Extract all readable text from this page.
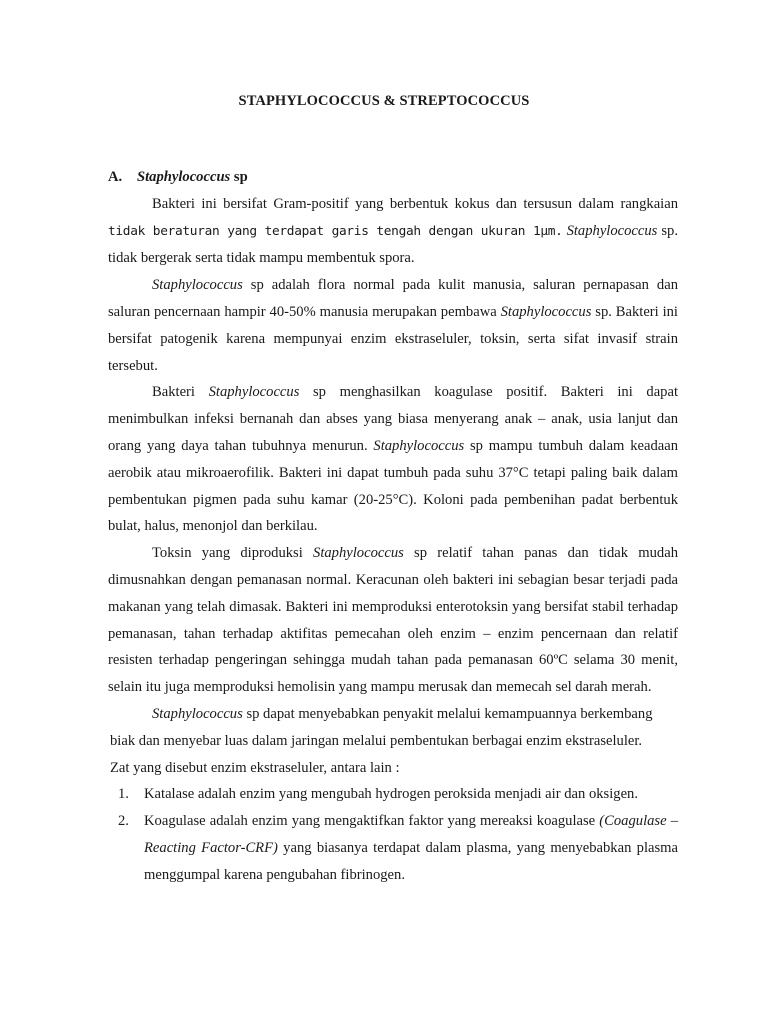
STAPHYLOCOCCUS & STREPTOCOCCUS
A. Staphylococcus sp

Bakteri ini bersifat Gram-positif yang berbentuk kokus dan tersusun dalam rangkaian tidak beraturan yang terdapat garis tengah dengan ukuran 1µm. Staphylococcus sp. tidak bergerak serta tidak mampu membentuk spora.

Staphylococcus sp adalah flora normal pada kulit manusia, saluran pernapasan dan saluran pencernaan hampir 40-50% manusia merupakan pembawa Staphylococcus sp. Bakteri ini bersifat patogenik karena mempunyai enzim ekstraseluler, toksin, serta sifat invasif strain tersebut.

Bakteri Staphylococcus sp menghasilkan koagulase positif. Bakteri ini dapat menimbulkan infeksi bernanah dan abses yang biasa menyerang anak – anak, usia lanjut dan orang yang daya tahan tubuhnya menurun. Staphylococcus sp mampu tumbuh dalam keadaan aerobik atau mikroaerofilik. Bakteri ini dapat tumbuh pada suhu 37°C tetapi paling baik dalam pembentukan pigmen pada suhu kamar (20-25°C). Koloni pada pembenihan padat berbentuk bulat, halus, menonjol dan berkilau.

Toksin yang diproduksi Staphylococcus sp relatif tahan panas dan tidak mudah dimusnahkan dengan pemanasan normal. Keracunan oleh bakteri ini sebagian besar terjadi pada makanan yang telah dimasak. Bakteri ini memproduksi enterotoksin yang bersifat stabil terhadap pemanasan, tahan terhadap aktifitas pemecahan oleh enzim – enzim pencernaan dan relatif resisten terhadap pengeringan sehingga mudah tahan pada pemanasan 60ºC selama 30 menit, selain itu juga memproduksi hemolisin yang mampu merusak dan memecah sel darah merah.

Staphylococcus sp dapat menyebabkan penyakit melalui kemampuannya berkembang

biak dan menyebar luas dalam jaringan melalui pembentukan berbagai enzim ekstraseluler.

Zat yang disebut enzim ekstraseluler, antara lain :

1. Katalase adalah enzim yang mengubah hydrogen peroksida menjadi air dan oksigen.
2. Koagulase adalah enzim yang mengaktifkan faktor yang mereaksi koagulase (Coagulase – Reacting Factor-CRF) yang biasanya terdapat dalam plasma, yang menyebabkan plasma menggumpal karena pengubahan fibrinogen.
